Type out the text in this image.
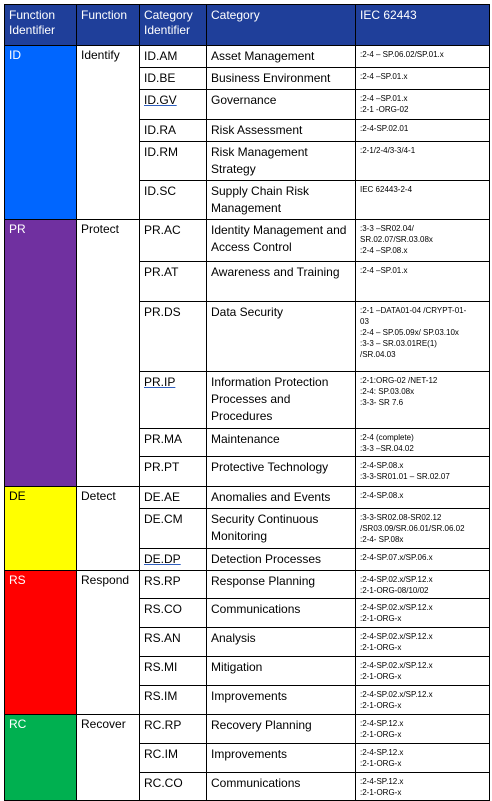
Function Identifier	Function	Category Identifier	Category	IEC 62443
ID	Identify	ID.AM	Asset Management	:2-4 – SP.06.02/SP.01.x

		ID.BE	Business Environment	:2-4 –SP.01.x

		ID.GV	Governance	:2-4 –SP.01.x
:2-1 -ORG-02

		ID.RA	Risk Assessment	:2-4-SP.02.01

		ID.RM	Risk Management Strategy	:2-1/2-4/3-3/4-1

		ID.SC	Supply Chain Risk Management	IEC 62443-2-4

PR	Protect	PR.AC	Identity Management and Access Control	:3-3 –SR02.04/
SR.02.07/SR.03.08x
:2-4 –SP.08.x

		PR.AT	Awareness and Training	:2-4 –SP.01.x

		PR.DS	Data Security	:2-1 –DATA01-04 /CRYPT-01-
03
:2-4 – SP.05.09x/ SP.03.10x
:3-3 – SR.03.01RE(1)
/SR.04.03

		PR.IP	Information Protection Processes and Procedures	:2-1:ORG-02 /NET-12
:2-4: SP.03.08x
:3-3- SR 7.6

		PR.MA	Maintenance	:2-4 (complete)
:3-3 –SR.04.02

		PR.PT	Protective Technology	:2-4-SP.08.x
:3-3-SR01.01 – SR.02.07

DE	Detect	DE.AE	Anomalies and Events	:2-4-SP.08.x

		DE.CM	Security Continuous Monitoring	:3-3-SR02.08-SR02.12
/SR03.09/SR.06.01/SR.06.02
:2-4- SP.08x

		DE.DP	Detection Processes	:2-4-SP.07.x/SP.06.x

RS	Respond	RS.RP	Response Planning	:2-4-SP.02.x/SP.12.x
:2-1-ORG-08/10/02

		RS.CO	Communications	:2-4-SP.02.x/SP.12.x
:2-1-ORG-x

		RS.AN	Analysis	:2-4-SP.02.x/SP.12.x
:2-1-ORG-x

		RS.MI	Mitigation	:2-4-SP.02.x/SP.12.x
:2-1-ORG-x

		RS.IM	Improvements	:2-4-SP.02.x/SP.12.x
:2-1-ORG-x

RC	Recover	RC.RP	Recovery Planning	:2-4-SP.12.x
:2-1-ORG-x

		RC.IM	Improvements	:2-4-SP.12.x
:2-1-ORG-x

		RC.CO	Communications	:2-4-SP.12.x
:2-1-ORG-x
